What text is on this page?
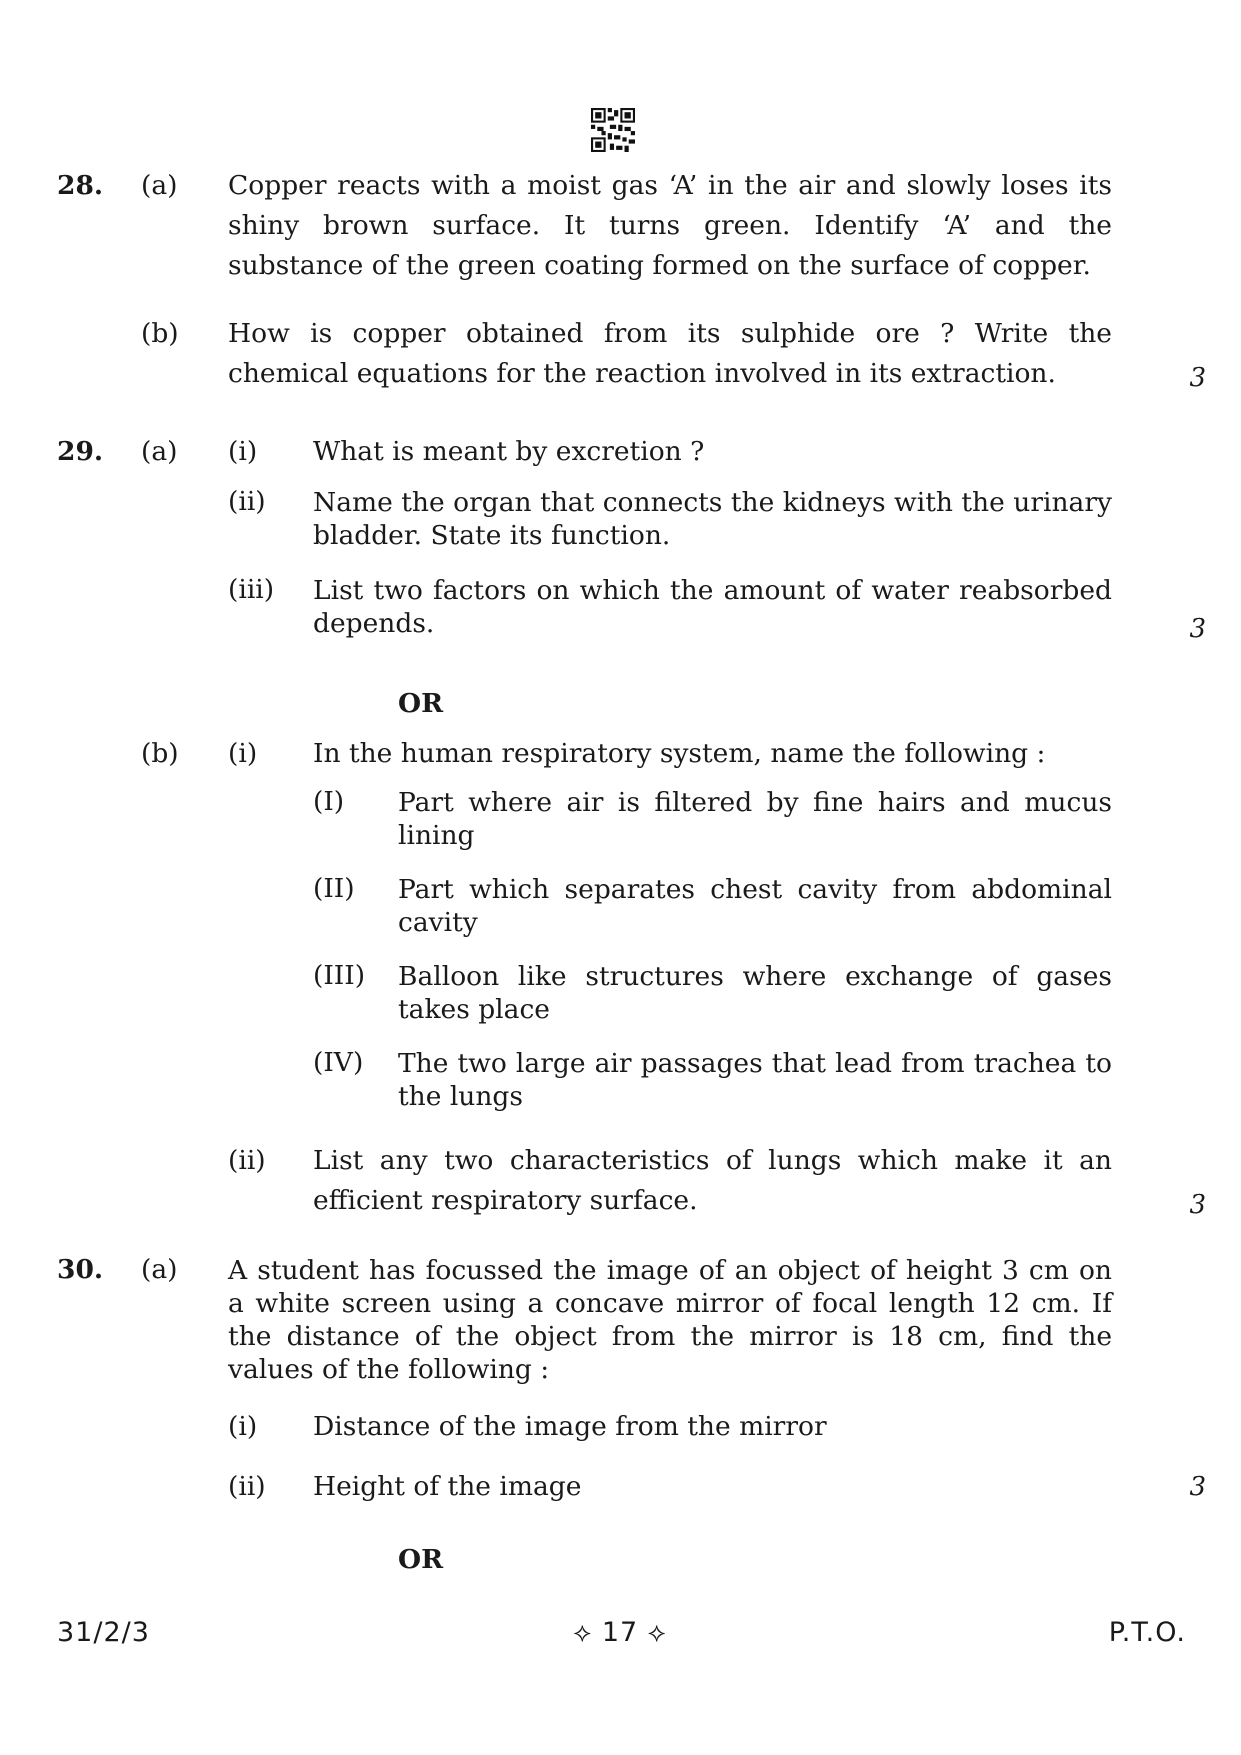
28. (a) Copper reacts with a moist gas ‘A’ in the air and slowly loses its shiny brown surface. It turns green. Identify ‘A’ and the substance of the green coating formed on the surface of copper.
(b) How is copper obtained from its sulphide ore ? Write the chemical equations for the reaction involved in its extraction.	3
29. (a) (i) What is meant by excretion ?
(ii) Name the organ that connects the kidneys with the urinary bladder. State its function.
(iii) List two factors on which the amount of water reabsorbed depends.	3
OR
(b) (i) In the human respiratory system, name the following :
(I) Part where air is filtered by fine hairs and mucus lining
(II) Part which separates chest cavity from abdominal cavity
(III) Balloon like structures where exchange of gases takes place
(IV) The two large air passages that lead from trachea to the lungs
(ii) List any two characteristics of lungs which make it an efficient respiratory surface.	3
30. (a) A student has focussed the image of an object of height 3 cm on a white screen using a concave mirror of focal length 12 cm. If the distance of the object from the mirror is 18 cm, find the values of the following :
(i) Distance of the image from the mirror
(ii) Height of the image	3
OR
31/2/3	⟡ 17 ⟡	P.T.O.
